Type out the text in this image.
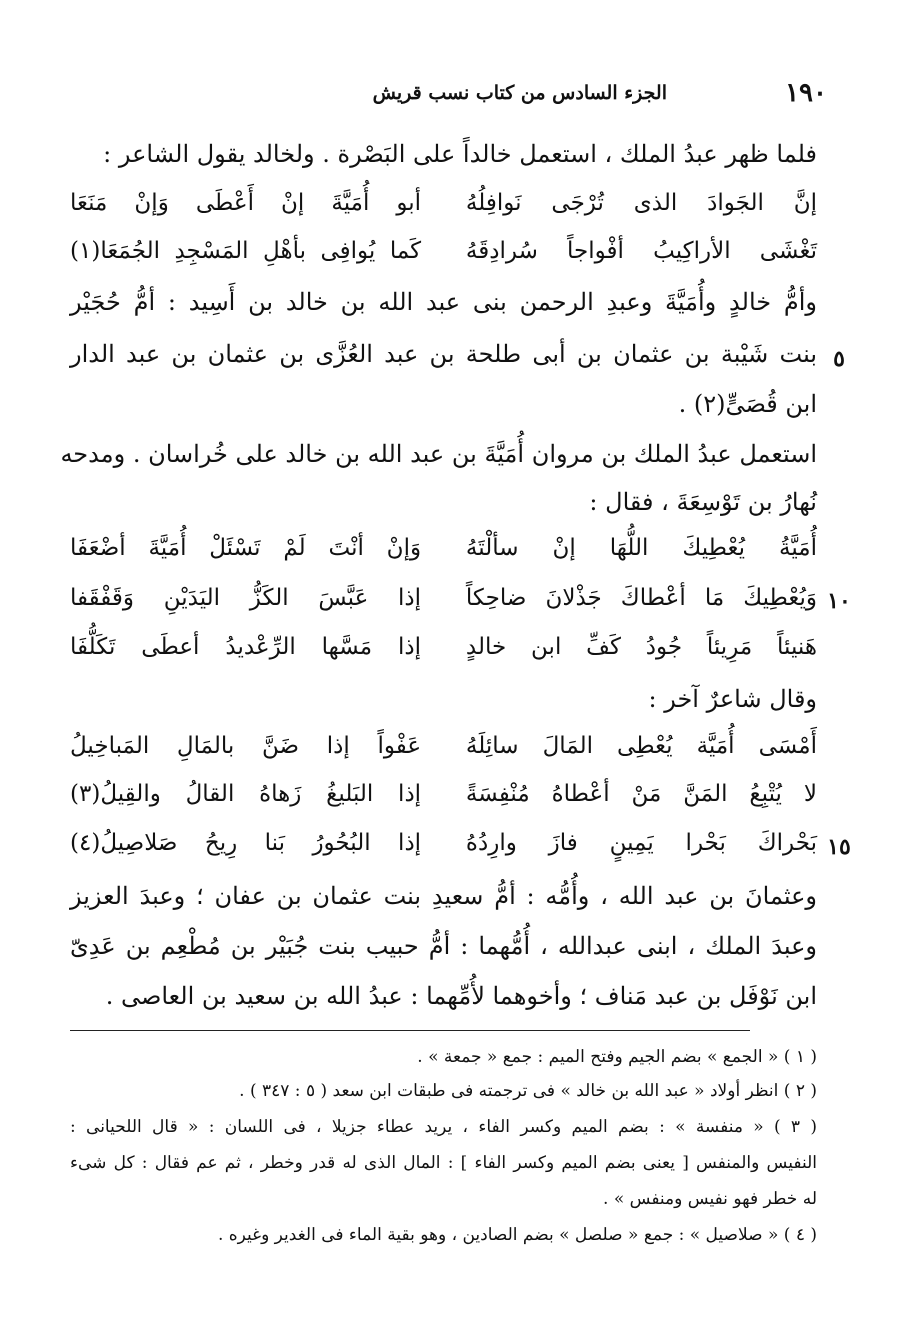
١٩٠
الجزء السادس من كتاب نسب قريش
فلما ظهر عبدُ الملك ، استعمل خالداً على البَصْرة . ولخالد يقول الشاعر :
إنَّ الجَوادَ الذى تُرْجَى نَوافِلُهُ
أبو أُمَيَّةَ إنْ أَعْطَى وَإنْ مَنَعَا
تَغْشَى الأراكِيبُ أفْواجاً سُرادِقَهُ
كَما يُوافِى بأهْلِ المَسْجِدِ الجُمَعَا(١)
وأمُّ خالدٍ وأُمَيَّةَ وعبدِ الرحمن بنى عبد الله بن خالد بن أَسِيد : أمُّ حُجَيْر
٥
بنت شَيْبة بن عثمان بن أبى طلحة بن عبد العُزَّى بن عثمان بن عبد الدار
ابن قُصَىٍّ(٢) .
استعمل عبدُ الملك بن مروان أُمَيَّةَ بن عبد الله بن خالد على خُراسان . ومدحه
نُهارُ بن تَوْسِعَةَ ، فقال :
أُمَيَّةُ يُعْطِيكَ اللُّهَا إنْ سألْتَهُ
وَإنْ أنْتَ لَمْ تَسْئَلْ أُمَيَّةَ أضْعَفَا
١٠
وَيُعْطِيكَ مَا أعْطاكَ جَذْلانَ ضاحِكاً
إذا عَبَّسَ الكَزُّ اليَدَيْنِ وَقَفْقَفا
هَنيئاً مَرِيئاً جُودُ كَفِّ ابن خالدٍ
إذا مَسَّها الرِّعْديدُ أعطَى تَكَلُّفَا
وقال شاعرٌ آخر :
أَمْسَى أُمَيَّة يُعْطِى المَالَ سائِلَهُ
عَفْواً إذا ضَنَّ بالمَالِ المَباخِيلُ
لا يُتْبِعُ المَنَّ مَنْ أعْطاهُ مُنْفِسَةً
إذا البَليغُ زَهاهُ القالُ والقِيلُ(٣)
١٥
بَحْراكَ بَحْرا يَمِينٍ فازَ وارِدُهُ
إذا البُحُورُ بَنا رِيحُ صَلاصِيلُ(٤)
وعثمانَ بن عبد الله ، وأُمُّه : أمُّ سعيدِ بنت عثمان بن عفان ؛ وعبدَ العزيز
وعبدَ الملك ، ابنى عبدالله ، أُمُّهما : أمُّ حبيب بنت جُبَيْر بن مُطْعِم بن عَدِىّ
ابن نَوْفَل بن عبد مَناف ؛ وأخوهما لأُمِّهما : عبدُ الله بن سعيد بن العاصى .
( ١ ) « الجمع » بضم الجيم وفتح الميم : جمع « جمعة » .
( ٢ ) انظر أولاد « عبد الله بن خالد » فى ترجمته فى طبقات ابن سعد ( ٥ : ٣٤٧ ) .
( ٣ ) « منفسة » : بضم الميم وكسر الفاء ، يريد عطاء جزيلا ، فى اللسان : « قال اللحيانى :
النفيس والمنفس [ يعنى بضم الميم وكسر الفاء ] : المال الذى له قدر وخطر ، ثم عم فقال : كل شىء
له خطر فهو نفيس ومنفس » .
( ٤ ) « صلاصيل » : جمع « صلصل » بضم الصادين ، وهو بقية الماء فى الغدير وغيره .
